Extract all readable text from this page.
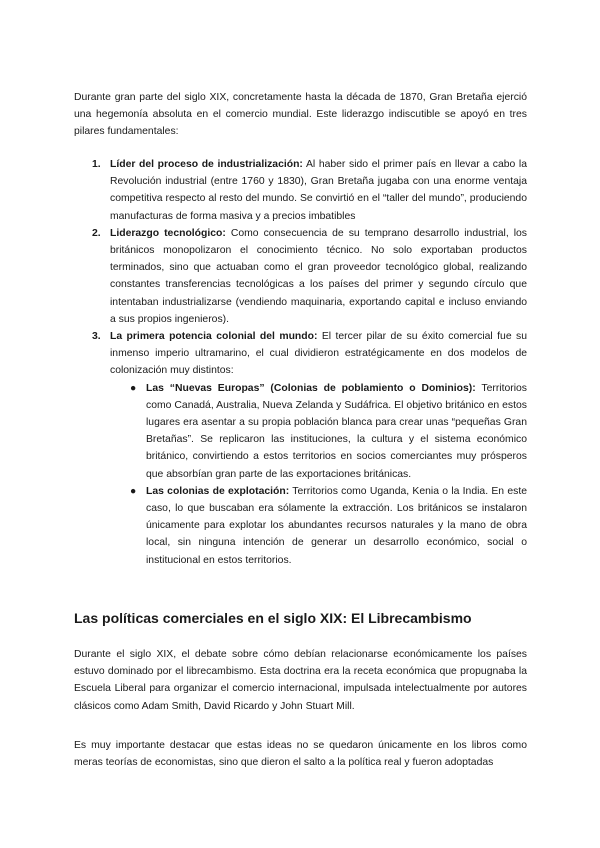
Durante gran parte del siglo XIX, concretamente hasta la década de 1870, Gran Bretaña ejerció una hegemonía absoluta en el comercio mundial. Este liderazgo indiscutible se apoyó en tres pilares fundamentales:

1. Líder del proceso de industrialización: Al haber sido el primer país en llevar a cabo la Revolución industrial (entre 1760 y 1830), Gran Bretaña jugaba con una enorme ventaja competitiva respecto al resto del mundo. Se convirtió en el “taller del mundo”, produciendo manufacturas de forma masiva y a precios imbatibles
2. Liderazgo tecnológico: Como consecuencia de su temprano desarrollo industrial, los británicos monopolizaron el conocimiento técnico. No solo exportaban productos terminados, sino que actuaban como el gran proveedor tecnológico global, realizando constantes transferencias tecnológicas a los países del primer y segundo círculo que intentaban industrializarse (vendiendo maquinaria, exportando capital e incluso enviando a sus propios ingenieros).
3. La primera potencia colonial del mundo: El tercer pilar de su éxito comercial fue su inmenso imperio ultramarino, el cual dividieron estratégicamente en dos modelos de colonización muy distintos:
● Las “Nuevas Europas” (Colonias de poblamiento o Dominios): Territorios como Canadá, Australia, Nueva Zelanda y Sudáfrica. El objetivo británico en estos lugares era asentar a su propia población blanca para crear unas “pequeñas Gran Bretañas”. Se replicaron las instituciones, la cultura y el sistema económico británico, convirtiendo a estos territorios en socios comerciantes muy prósperos que absorbían gran parte de las exportaciones británicas.
● Las colonias de explotación: Territorios como Uganda, Kenia o la India. En este caso, lo que buscaban era sólamente la extracción. Los británicos se instalaron únicamente para explotar los abundantes recursos naturales y la mano de obra local, sin ninguna intención de generar un desarrollo económico, social o institucional en estos territorios.
Las políticas comerciales en el siglo XIX: El Librecambismo

Durante el siglo XIX, el debate sobre cómo debían relacionarse económicamente los países estuvo dominado por el librecambismo. Esta doctrina era la receta económica que propugnaba la Escuela Liberal para organizar el comercio internacional, impulsada intelectualmente por autores clásicos como Adam Smith, David Ricardo y John Stuart Mill.

Es muy importante destacar que estas ideas no se quedaron únicamente en los libros como meras teorías de economistas, sino que dieron el salto a la política real y fueron adoptadas
